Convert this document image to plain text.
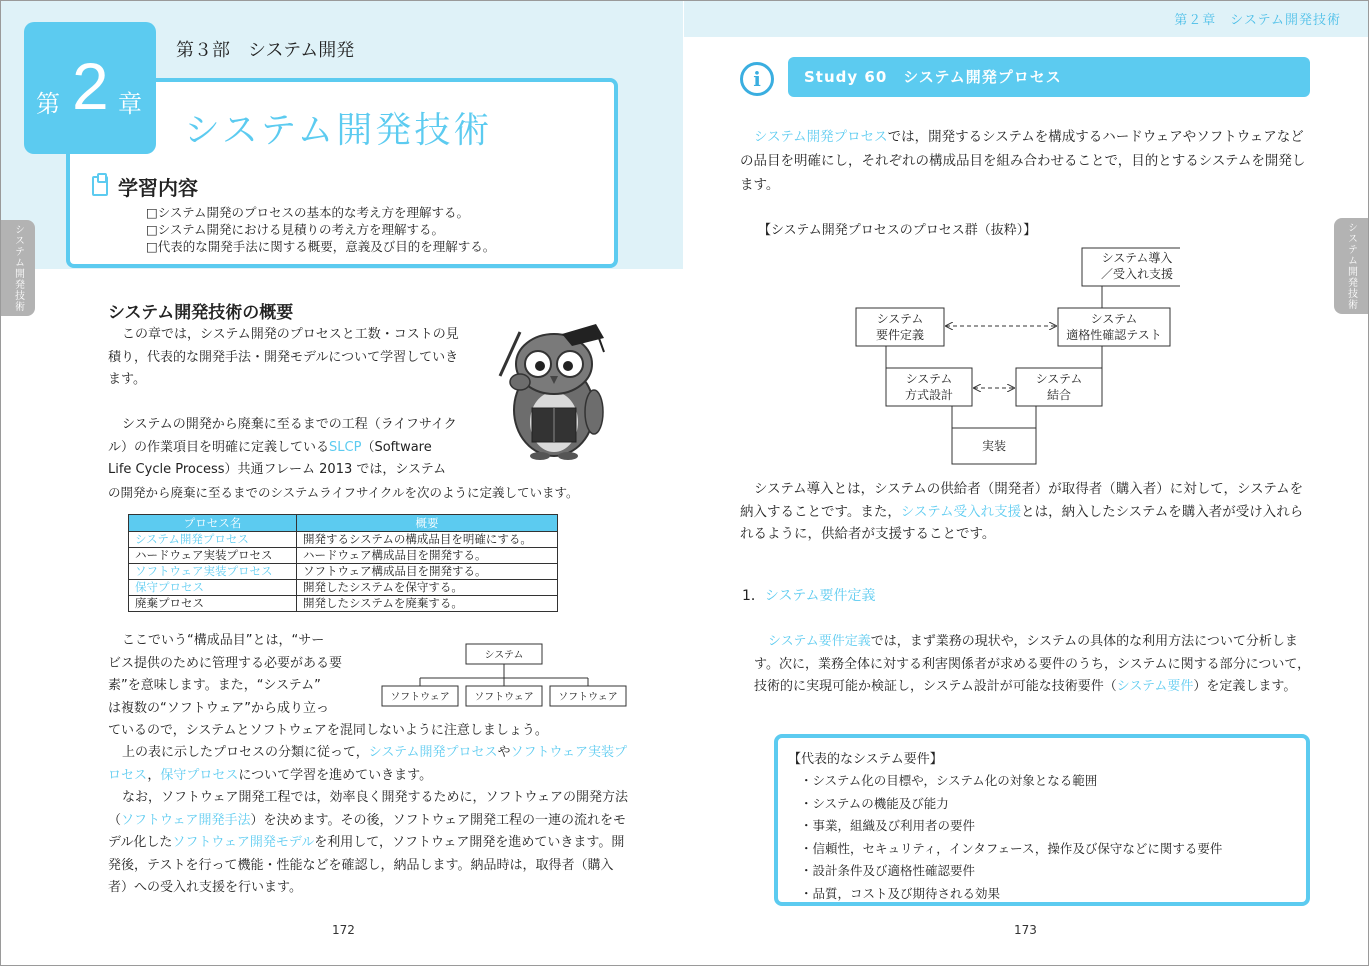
第２章　システム開発技術
システム開発技術
学習内容
□システム開発のプロセスの基本的な考え方を理解する。
□システム開発における見積りの考え方を理解する。
□代表的な開発手法に関する概要，意義及び目的を理解する。
第 2 章
第３部　システム開発
システム開発技術	システム開発技術
システム開発技術の概要
この章では，システム開発のプロセスと工数・コストの見
積り，代表的な開発手法・開発モデルについて学習していき
ます。
システムの開発から廃棄に至るまでの工程（ライフサイク
ル）の作業項目を明確に定義しているSLCP（Software
Life Cycle Process）共通フレーム 2013 では，システム
の開発から廃棄に至るまでのシステムライフサイクルを次のように定義しています。
プロセス名	概要
システム開発プロセス	開発するシステムの構成品目を明確にする。
ハードウェア実装プロセス	ハードウェア構成品目を開発する。
ソフトウェア実装プロセス	ソフトウェア構成品目を開発する。
保守プロセス	開発したシステムを保守する。
廃棄プロセス	開発したシステムを廃棄する。
ここでいう“構成品目”とは，“サー
ビス提供のために管理する必要がある要
素”を意味します。また，“システム”
は複数の“ソフトウェア”から成り立っ
ているので，システムとソフトウェアを混同しないように注意しましょう。
システム
ソフトウェア ソフトウェア ソフトウェア
上の表に示したプロセスの分類に従って，システム開発プロセスやソフトウェア実装プロセス，保守プロセスについて学習を進めていきます。
なお，ソフトウェア開発工程では，効率良く開発するために，ソフトウェアの開発方法（ソフトウェア開発手法）を決めます。その後，ソフトウェア開発工程の一連の流れをモデル化したソフトウェア開発モデルを利用して，ソフトウェア開発を進めていきます。開発後，テストを行って機能・性能などを確認し，納品します。納品時は，取得者（購入者）への受入れ支援を行います。
172
i	Study 60　システム開発プロセス
システム開発プロセスでは，開発するシステムを構成するハードウェアやソフトウェアなどの品目を明確にし，それぞれの構成品目を組み合わせることで，目的とするシステムを開発します。
【システム開発プロセスのプロセス群（抜粋）】
システム導入
／受入れ支援
システム
要件定義
システム
適格性確認テスト
システム
方式設計
システム
結合
実装
システム導入とは，システムの供給者（開発者）が取得者（購入者）に対して，システムを納入することです。また，システム受入れ支援とは，納入したシステムを購入者が受け入れられるように，供給者が支援することです。
1．システム要件定義
システム要件定義では，まず業務の現状や，システムの具体的な利用方法について分析します。次に，業務全体に対する利害関係者が求める要件のうち，システムに関する部分について，技術的に実現可能か検証し，システム設計が可能な技術要件（システム要件）を定義します。
【代表的なシステム要件】
・ システム化の目標や，システム化の対象となる範囲
・ システムの機能及び能力
・ 事業，組織及び利用者の要件
・ 信頼性，セキュリティ，インタフェース，操作及び保守などに関する要件
・ 設計条件及び適格性確認要件
・ 品質，コスト及び期待される効果
173
